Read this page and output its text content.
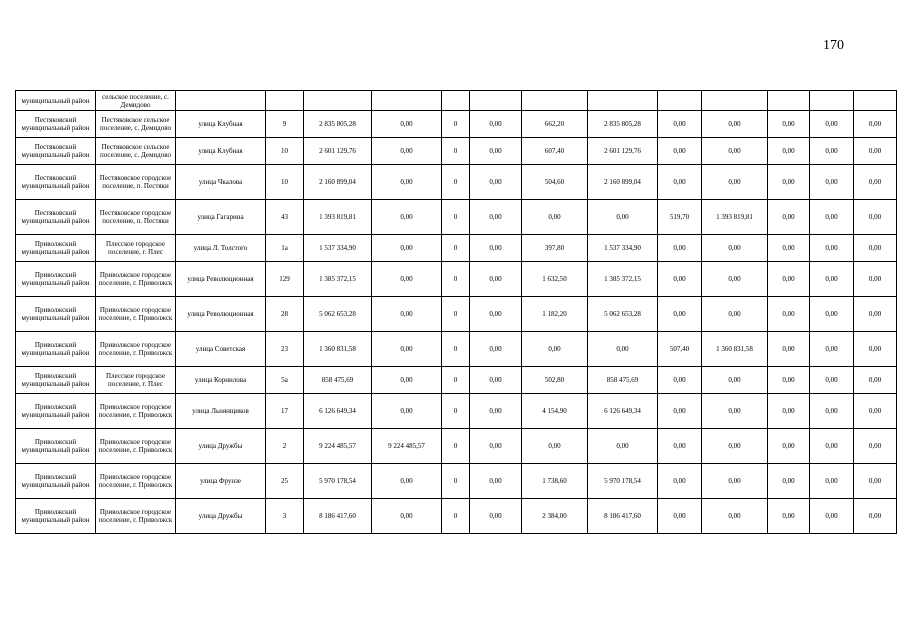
170
муниципальный район	сельское поселение, с. Демидово													
Пестяковский муниципальный район	Пестяковское сельское поселение, с. Демидово	улица Клубная	9	2 835 805,28	0,00	0	0,00	662,20	2 835 805,28	0,00	0,00	0,00	0,00	0,00
Пестяковский муниципальный район	Пестяковское сельское поселение, с. Демидово	улица Клубная	10	2 601 129,76	0,00	0	0,00	607,40	2 601 129,76	0,00	0,00	0,00	0,00	0,00
Пестяковский муниципальный район	Пестяковское городское поселение, п. Пестяки	улица Чкалова	10	2 160 899,04	0,00	0	0,00	504,60	2 160 899,04	0,00	0,00	0,00	0,00	0,00
Пестяковский муниципальный район	Пестяковское городское поселение, п. Пестяки	улица Гагарина	43	1 393 819,81	0,00	0	0,00	0,00	0,00	519,70	1 393 819,81	0,00	0,00	0,00
Приволжский муниципальный район	Плесское городское поселение, г. Плес	улица Л. Толстого	1а	1 537 334,90	0,00	0	0,00	397,80	1 537 334,90	0,00	0,00	0,00	0,00	0,00
Приволжский муниципальный район	Приволжское городское поселение, г. Приволжск	улица Революционная	129	1 385 372,15	0,00	0	0,00	1 632,50	1 385 372,15	0,00	0,00	0,00	0,00	0,00
Приволжский муниципальный район	Приволжское городское поселение, г. Приволжск	улица Революционная	28	5 062 653,28	0,00	0	0,00	1 182,20	5 062 653,28	0,00	0,00	0,00	0,00	0,00
Приволжский муниципальный район	Приволжское городское поселение, г. Приволжск	улица Советская	23	1 360 831,58	0,00	0	0,00	0,00	0,00	507,40	1 360 831,58	0,00	0,00	0,00
Приволжский муниципальный район	Плесское городское поселение, г. Плес	улица Корнилова	5а	858 475,69	0,00	0	0,00	502,80	858 475,69	0,00	0,00	0,00	0,00	0,00
Приволжский муниципальный район	Приволжское городское поселение, г. Приволжск	улица Льнянщиков	17	6 126 649,34	0,00	0	0,00	4 154,90	6 126 649,34	0,00	0,00	0,00	0,00	0,00
Приволжский муниципальный район	Приволжское городское поселение, г. Приволжск	улица Дружбы	2	9 224 485,57	9 224 485,57	0	0,00	0,00	0,00	0,00	0,00	0,00	0,00	0,00
Приволжский муниципальный район	Приволжское городское поселение, г. Приволжск	улица Фрунзе	25	5 970 178,54	0,00	0	0,00	1 738,60	5 970 178,54	0,00	0,00	0,00	0,00	0,00
Приволжский муниципальный район	Приволжское городское поселение, г. Приволжск	улица Дружбы	3	8 186 417,60	0,00	0	0,00	2 384,00	8 186 417,60	0,00	0,00	0,00	0,00	0,00
